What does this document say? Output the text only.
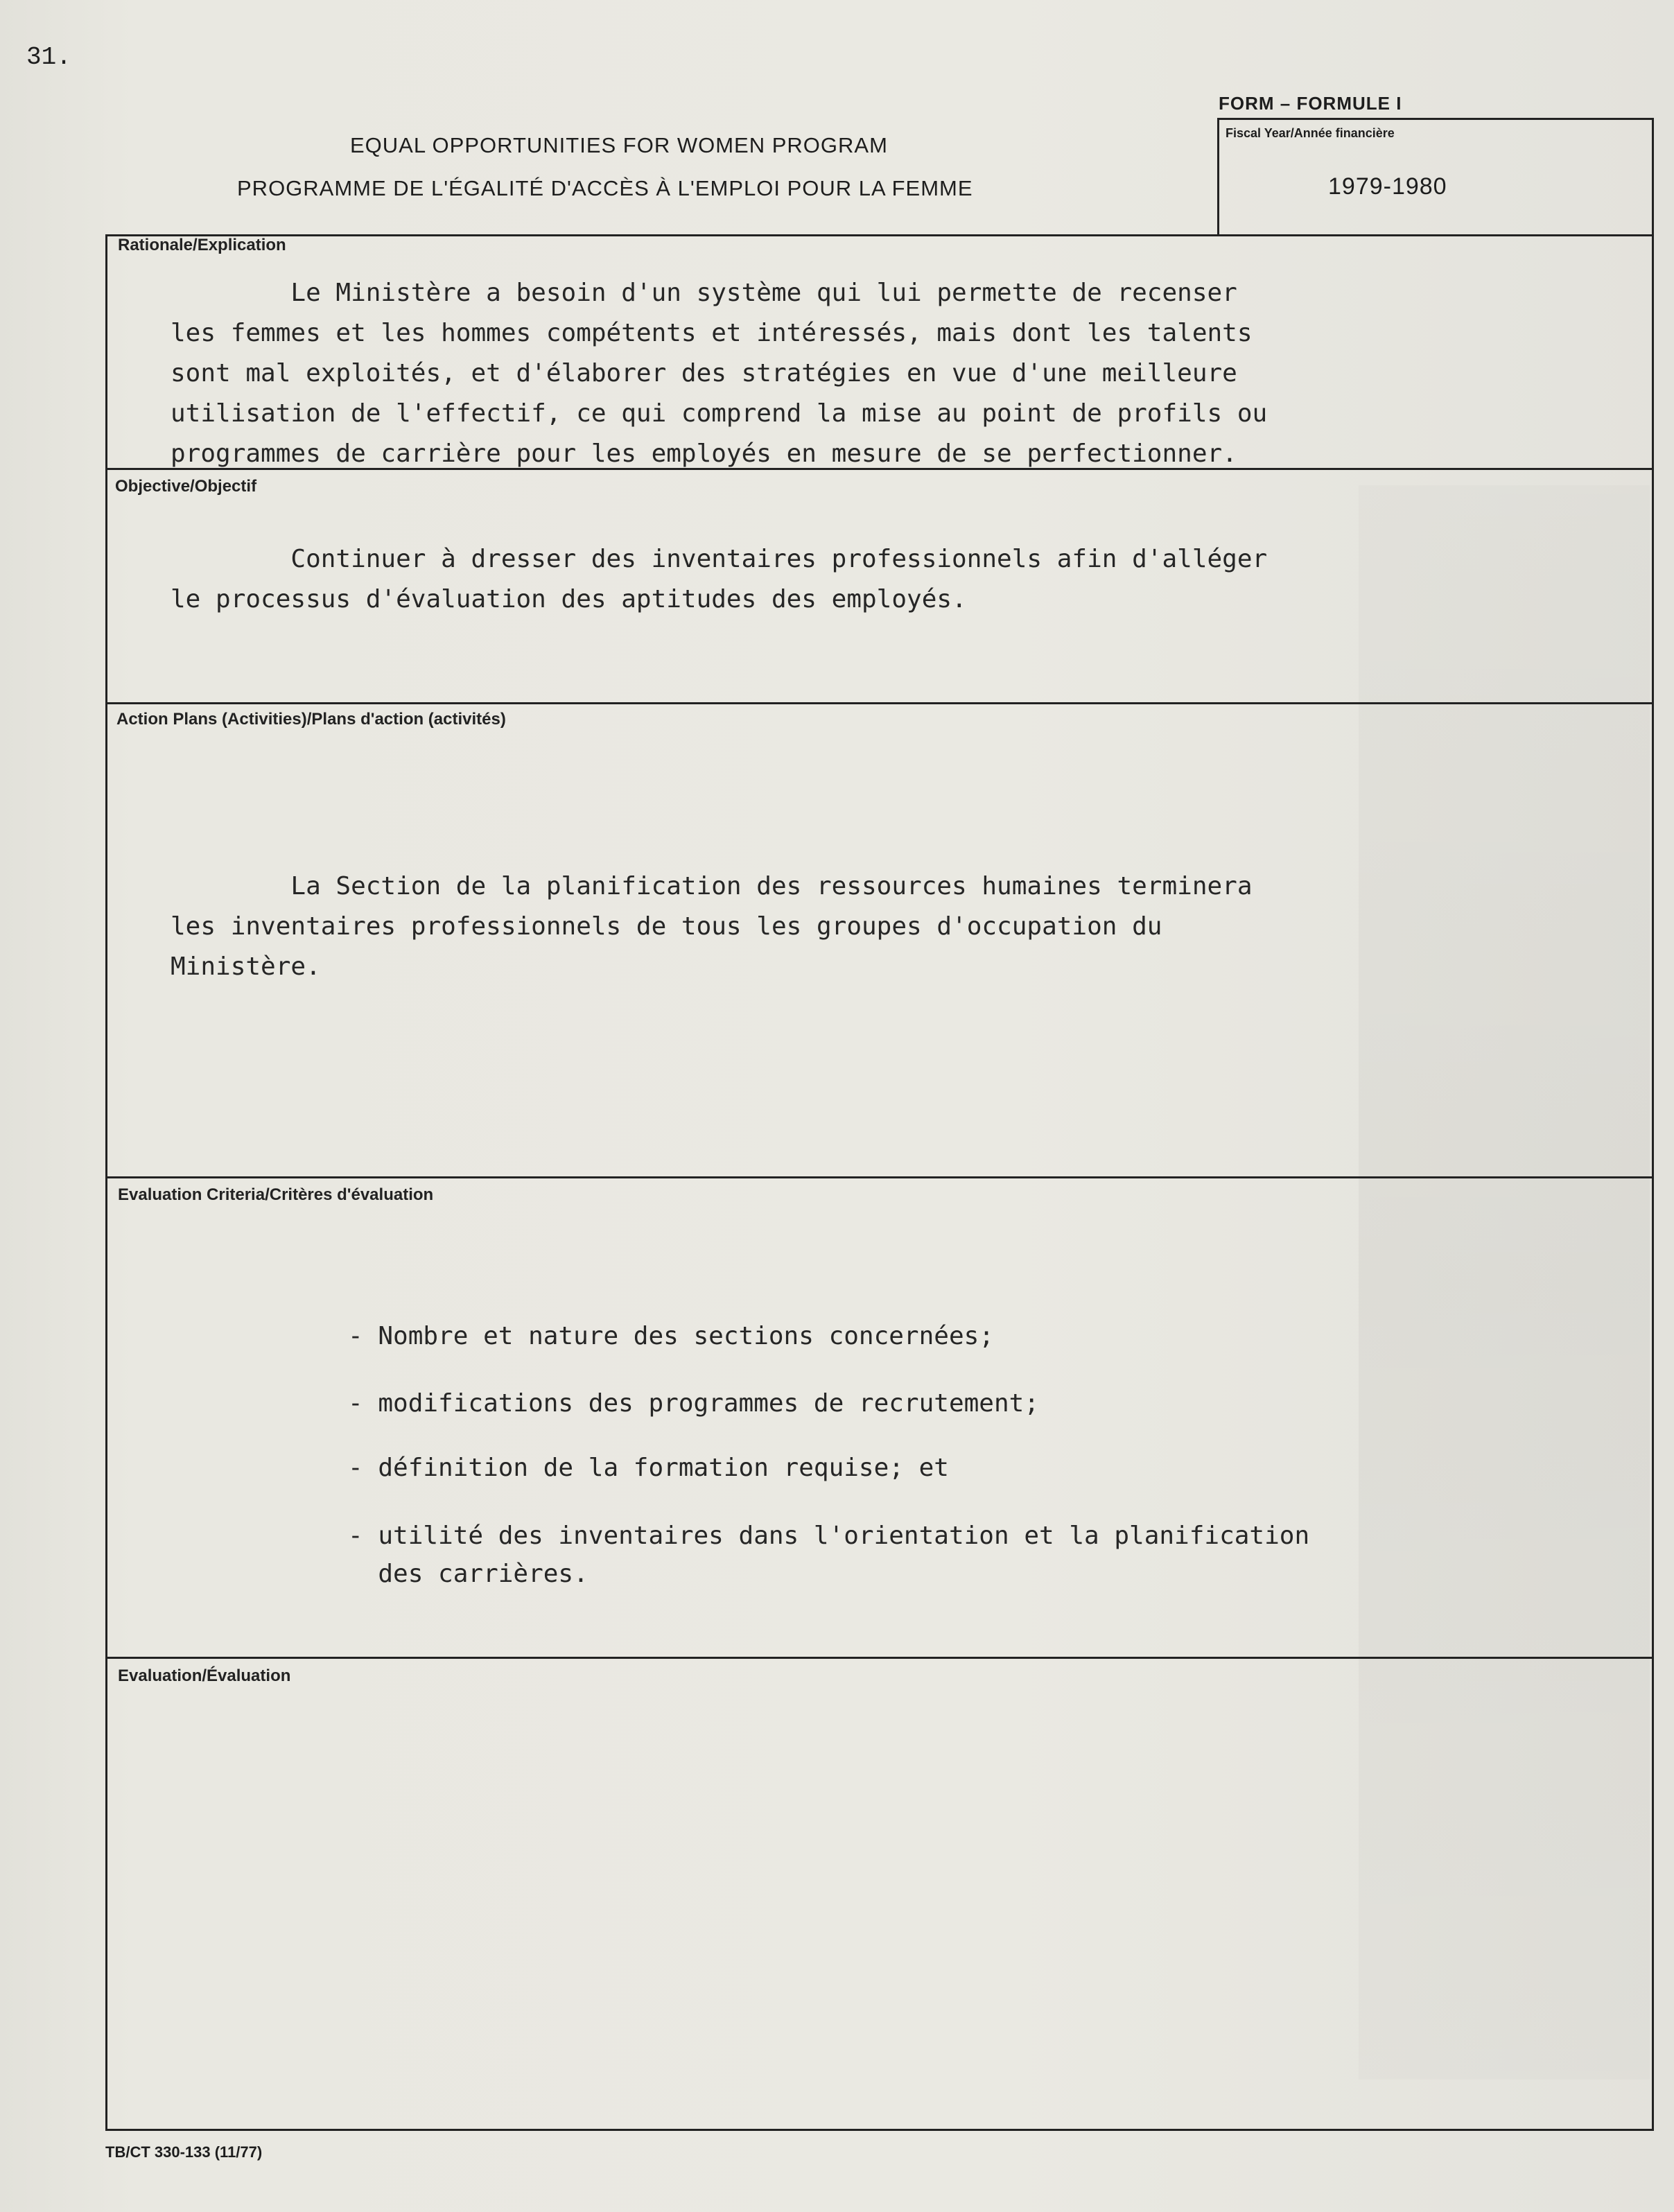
31.
FORM – FORMULE I
EQUAL OPPORTUNITIES FOR WOMEN PROGRAM
PROGRAMME DE L'ÉGALITÉ D'ACCÈS À L'EMPLOI POUR LA FEMME
Fiscal Year/Année financière
1979-1980
Rationale/Explication
Le Ministère a besoin d'un système qui lui permette de recenser
les femmes et les hommes compétents et intéressés, mais dont les talents
sont mal exploités, et d'élaborer des stratégies en vue d'une meilleure
utilisation de l'effectif, ce qui comprend la mise au point de profils ou
programmes de carrière pour les employés en mesure de se perfectionner.
Objective/Objectif
Continuer à dresser des inventaires professionnels afin d'alléger
le processus d'évaluation des aptitudes des employés.
Action Plans (Activities)/Plans d'action (activités)
La Section de la planification des ressources humaines terminera
les inventaires professionnels de tous les groupes d'occupation du
Ministère.
Evaluation Criteria/Critères d'évaluation
- Nombre et nature des sections concernées;
- modifications des programmes de recrutement;
- définition de la formation requise; et
- utilité des inventaires dans l'orientation et la planification
des carrières.
Evaluation/Évaluation
TB/CT 330-133 (11/77)
